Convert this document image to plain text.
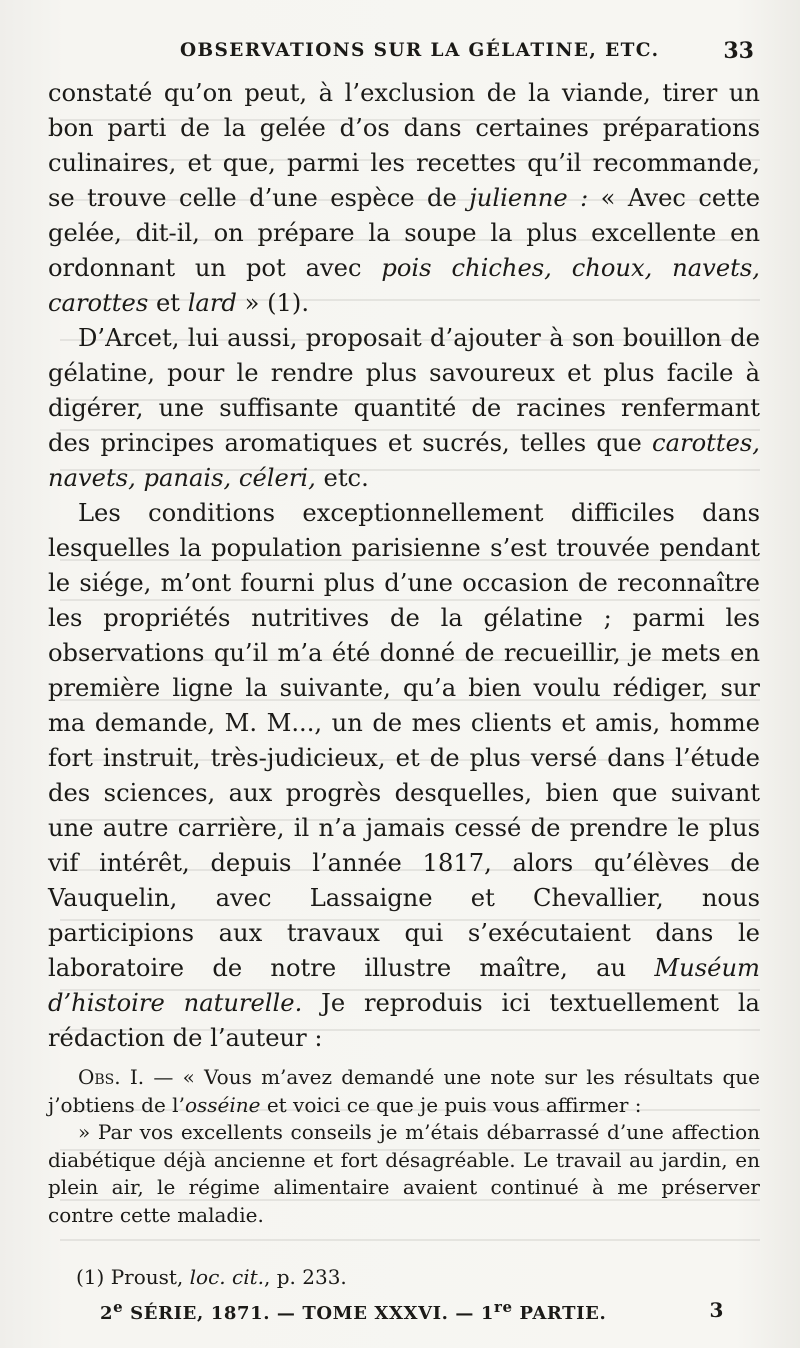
OBSERVATIONS SUR LA GÉLATINE, ETC.	33

constaté qu’on peut, à l’exclusion de la viande, tirer un bon parti de la gelée d’os dans certaines préparations culinaires, et que, parmi les recettes qu’il recommande, se trouve celle d’une espèce de julienne : « Avec cette gelée, dit-il, on prépare la soupe la plus excellente en ordonnant un pot avec pois chiches, choux, navets, carottes et lard » (1).

D’Arcet, lui aussi, proposait d’ajouter à son bouillon de gélatine, pour le rendre plus savoureux et plus facile à digérer, une suffisante quantité de racines renfermant des principes aromatiques et sucrés, telles que carottes, navets, panais, céleri, etc.

Les conditions exceptionnellement difficiles dans lesquelles la population parisienne s’est trouvée pendant le siége, m’ont fourni plus d’une occasion de reconnaître les propriétés nutritives de la gélatine ; parmi les observations qu’il m’a été donné de recueillir, je mets en première ligne la suivante, qu’a bien voulu rédiger, sur ma demande, M. M..., un de mes clients et amis, homme fort instruit, très-judicieux, et de plus versé dans l’étude des sciences, aux progrès desquelles, bien que suivant une autre carrière, il n’a jamais cessé de prendre le plus vif intérêt, depuis l’année 1817, alors qu’élèves de Vauquelin, avec Lassaigne et Chevallier, nous participions aux travaux qui s’exécutaient dans le laboratoire de notre illustre maître, au Muséum d’histoire naturelle. Je reproduis ici textuellement la rédaction de l’auteur :

Obs. I. — « Vous m’avez demandé une note sur les résultats que j’obtiens de l’osséine et voici ce que je puis vous affirmer :

» Par vos excellents conseils je m’étais débarrassé d’une affection diabétique déjà ancienne et fort désagréable. Le travail au jardin, en plein air, le régime alimentaire avaient continué à me préserver contre cette maladie.

(1) Proust, loc. cit., p. 233.
2e SÉRIE, 1871. — TOME XXXVI. — 1re PARTIE.	3
